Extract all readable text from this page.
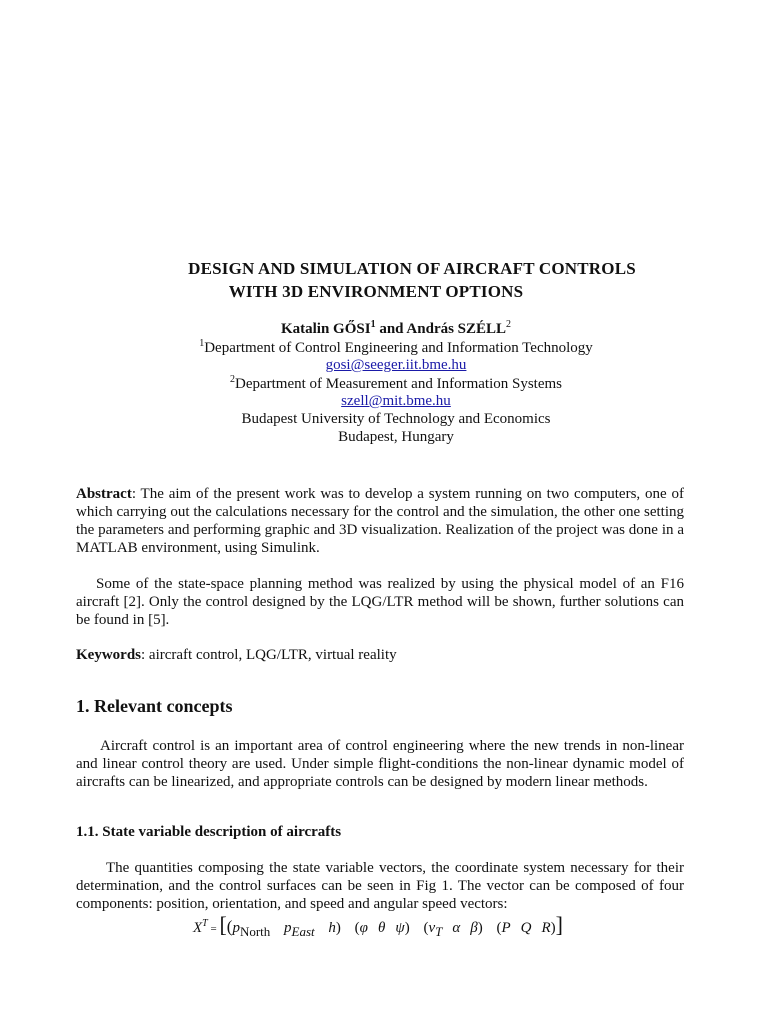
DESIGN AND SIMULATION OF AIRCRAFT CONTROLS
WITH 3D ENVIRONMENT OPTIONS
Katalin GŐSI$^1$ and András SZÉLL$^2$
$^1$Department of Control Engineering and Information Technology
gosi@seeger.iit.bme.hu
$^2$Department of Measurement and Information Systems
szell@mit.bme.hu
Budapest University of Technology and Economics
Budapest, Hungary
Abstract: The aim of the present work was to develop a system running on two computers, one of which carrying out the calculations necessary for the control and the simulation, the other one setting the parameters and performing graphic and 3D visualization. Realization of the project was done in a MATLAB environment, using Simulink.
Some of the state-space planning method was realized by using the physical model of an F16 aircraft [2]. Only the control designed by the LQG/LTR method will be shown, further solutions can be found in [5].
Keywords: aircraft control, LQG/LTR, virtual reality
1. Relevant concepts
Aircraft control is an important area of control engineering where the new trends in non-linear and linear control theory are used. Under simple flight-conditions the non-linear dynamic model of aircrafts can be linearized, and appropriate controls can be designed by modern linear methods.
1.1. State variable description of aircrafts
The quantities composing the state variable vectors, the coordinate system necessary for their determination, and the control surfaces can be seen in Fig 1. The vector can be composed of four components: position, orientation, and speed and angular speed vectors:
$X^T = [(p_{North}$ $p_{East}$ h) (φ θ ψ) ($v_T$ α β) (P Q R)]
